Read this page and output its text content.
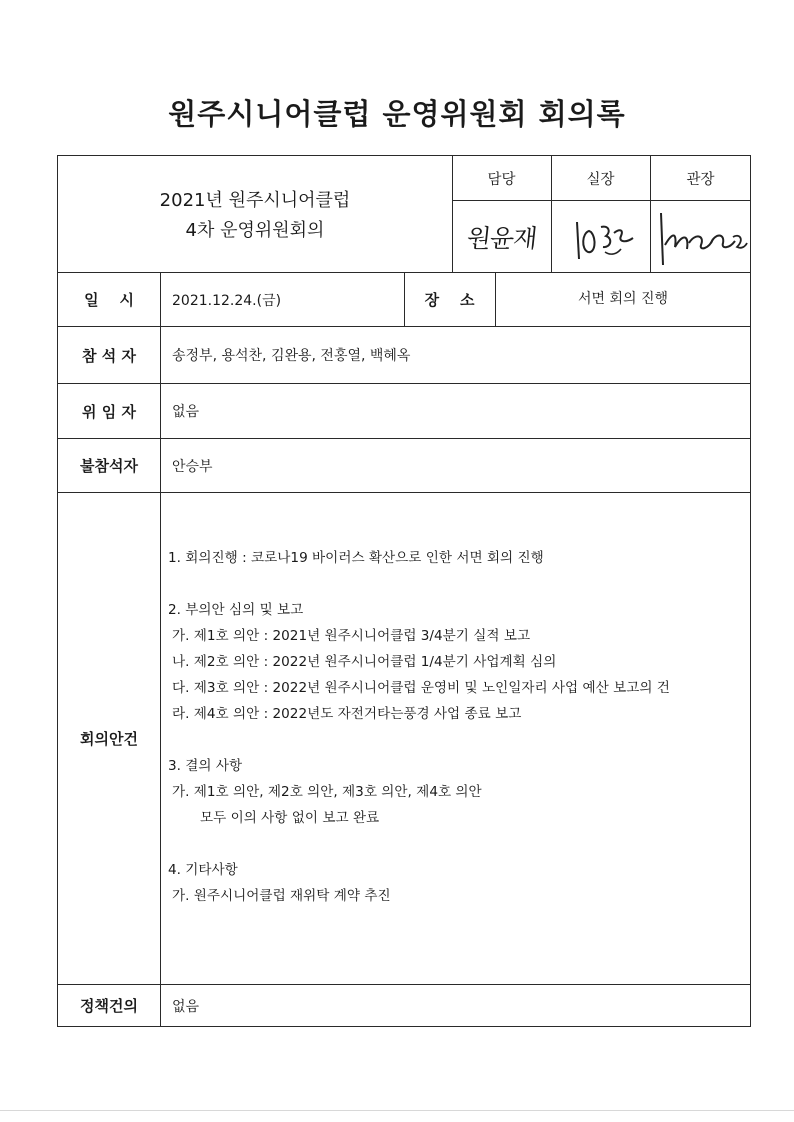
원주시니어클럽 운영위원회 회의록
2021년 원주시니어클럽
4차 운영위원회의
담당	실장	관장
원윤재
일    시	2021.12.24.(금)	장    소	서면 회의 진행
참 석 자	송정부, 용석찬, 김완용, 전홍열, 백혜옥
위 임 자	없음
불참석자	안승부
회의안건
1. 회의진행 : 코로나19 바이러스 확산으로 인한 서면 회의 진행
2. 부의안 심의 및 보고
가. 제1호 의안 : 2021년 원주시니어클럽 3/4분기 실적 보고
나. 제2호 의안 : 2022년 원주시니어클럽 1/4분기 사업계획 심의
다. 제3호 의안 : 2022년 원주시니어클럽 운영비 및 노인일자리 사업 예산 보고의 건
라. 제4호 의안 : 2022년도 자전거타는풍경 사업 종료 보고
3. 결의 사항
가. 제1호 의안, 제2호 의안, 제3호 의안, 제4호 의안
모두 이의 사항 없이 보고 완료
4. 기타사항
가. 원주시니어클럽 재위탁 계약 추진
정책건의	없음
